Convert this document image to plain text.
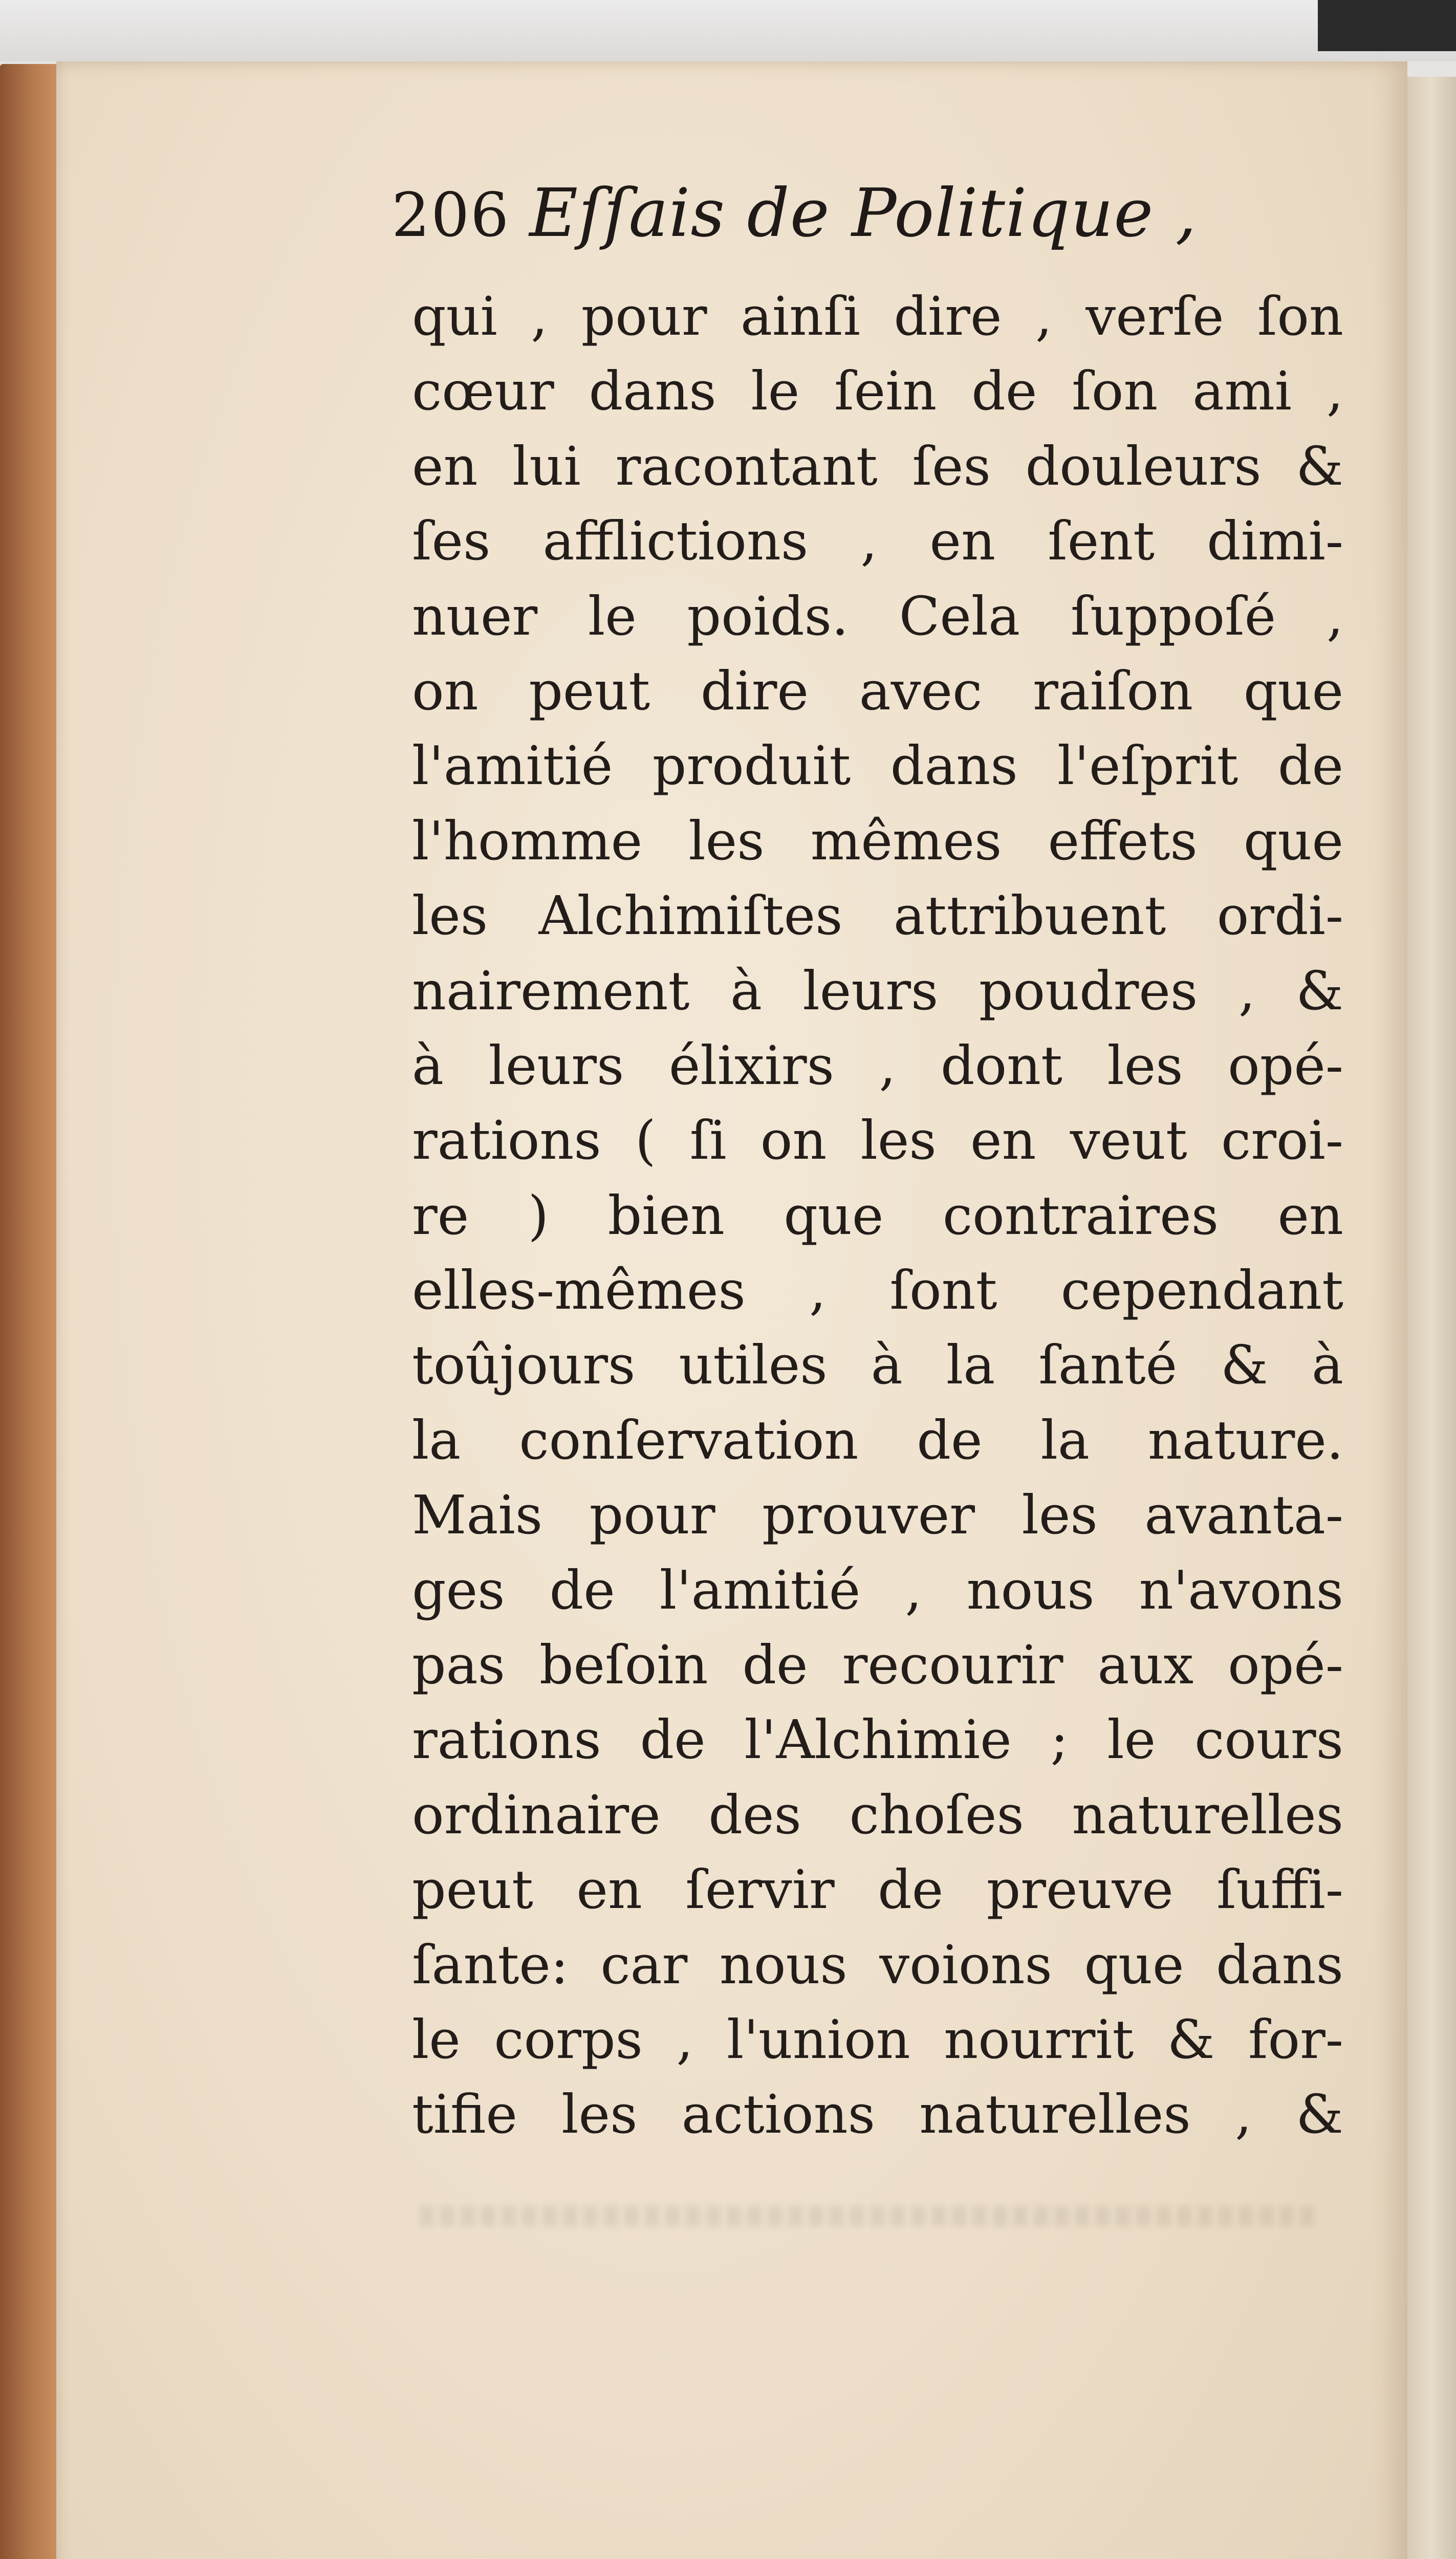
206 Eſſais de Politique ,
qui , pour ainſi dire , verſe ſon
cœur dans le ſein de ſon ami ,
en lui racontant ſes douleurs &
ſes afflictions , en ſent dimi-
nuer le poids. Cela ſuppoſé ,
on peut dire avec raiſon que
l'amitié produit dans l'eſprit de
l'homme les mêmes effets que
les Alchimiſtes attribuent ordi-
nairement à leurs poudres , &
à leurs élixirs , dont les opé-
rations ( ſi on les en veut croi-
re ) bien que contraires en
elles-mêmes , ſont cependant
toûjours utiles à la ſanté & à
la conſervation de la nature.
Mais pour prouver les avanta-
ges de l'amitié , nous n'avons
pas beſoin de recourir aux opé-
rations de l'Alchimie ; le cours
ordinaire des choſes naturelles
peut en ſervir de preuve ſuffi-
ſante: car nous voions que dans
le corps , l'union nourrit & for-
tifie les actions naturelles , &
